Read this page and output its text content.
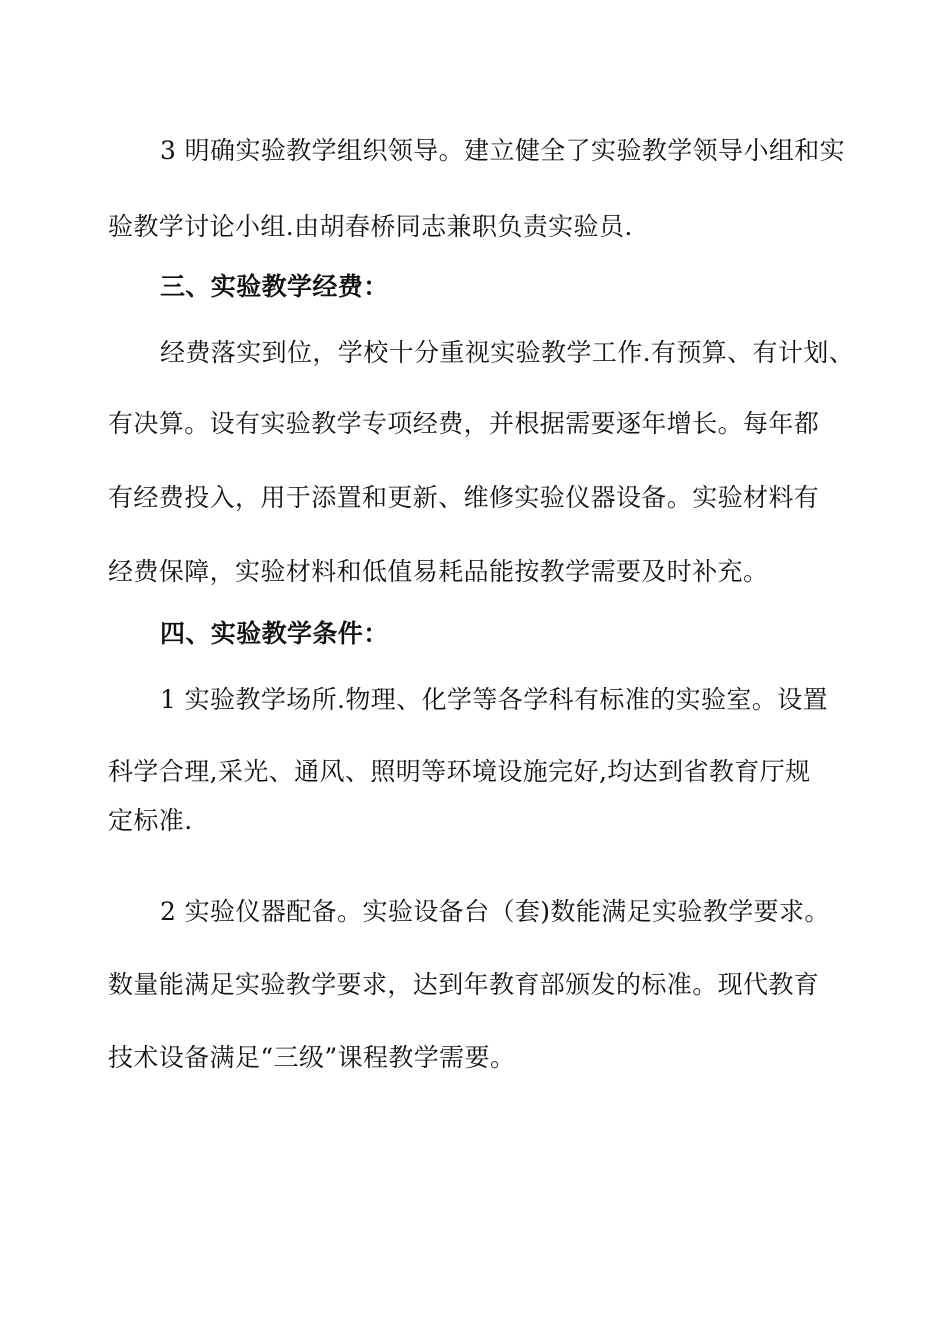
3 明确实验教学组织领导。建立健全了实验教学领导小组和实
验教学讨论小组.由胡春桥同志兼职负责实验员.
三、实验教学经费：
经费落实到位，学校十分重视实验教学工作.有预算、有计划、
有决算。设有实验教学专项经费，并根据需要逐年增长。每年都
有经费投入，用于添置和更新、维修实验仪器设备。实验材料有
经费保障，实验材料和低值易耗品能按教学需要及时补充。
四、实验教学条件：
1 实验教学场所.物理、化学等各学科有标准的实验室。设置
科学合理,采光、通风、照明等环境设施完好,均达到省教育厅规
定标准.
2 实验仪器配备。实验设备台（套)数能满足实验教学要求。
数量能满足实验教学要求，达到年教育部颁发的标准。现代教育
技术设备满足“三级”课程教学需要。
